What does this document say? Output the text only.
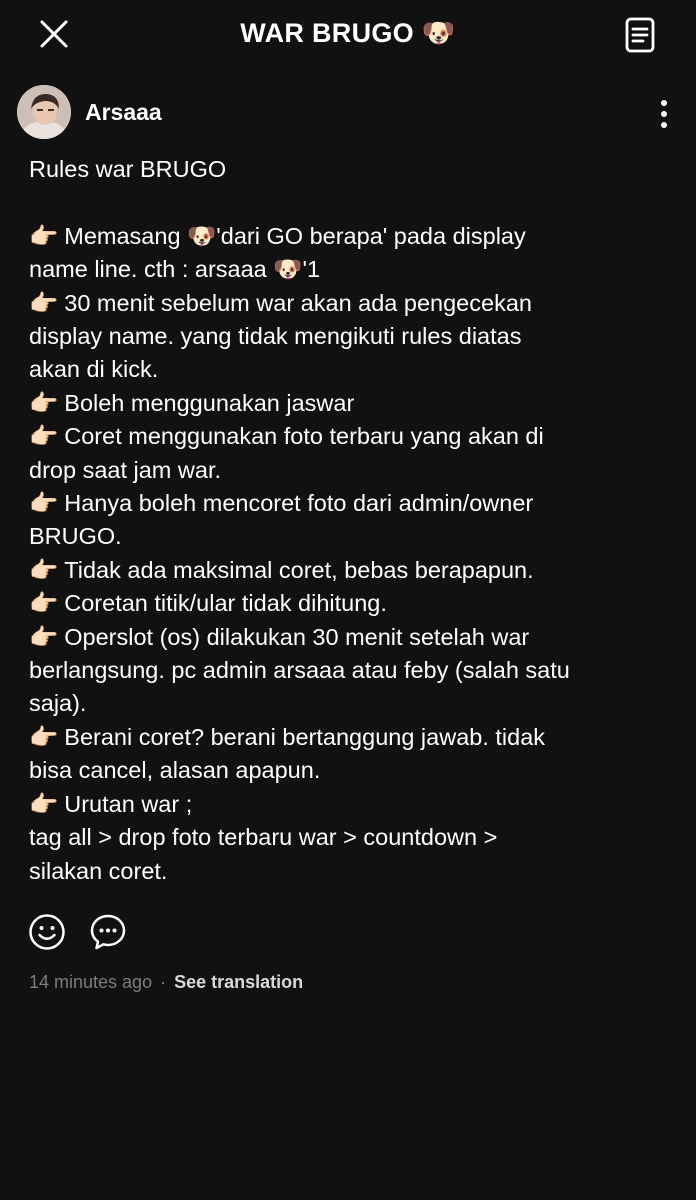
WAR BRUGO 🐶
Arsaaa
Rules war BRUGO
👉🏻 Memasang 🐶'dari GO berapa' pada display
name line. cth : arsaaa 🐶'1
👉🏻 30 menit sebelum war akan ada pengecekan
display name. yang tidak mengikuti rules diatas
akan di kick.
👉🏻 Boleh menggunakan jaswar
👉🏻 Coret menggunakan foto terbaru yang akan di
drop saat jam war.
👉🏻 Hanya boleh mencoret foto dari admin/owner
BRUGO.
👉🏻 Tidak ada maksimal coret, bebas berapapun.
👉🏻 Coretan titik/ular tidak dihitung.
👉🏻 Operslot (os) dilakukan 30 menit setelah war
berlangsung. pc admin arsaaa atau feby (salah satu
saja).
👉🏻 Berani coret? berani bertanggung jawab. tidak
bisa cancel, alasan apapun.
👉🏻 Urutan war ;
tag all > drop foto terbaru war > countdown >
silakan coret.
14 minutes ago · See translation
